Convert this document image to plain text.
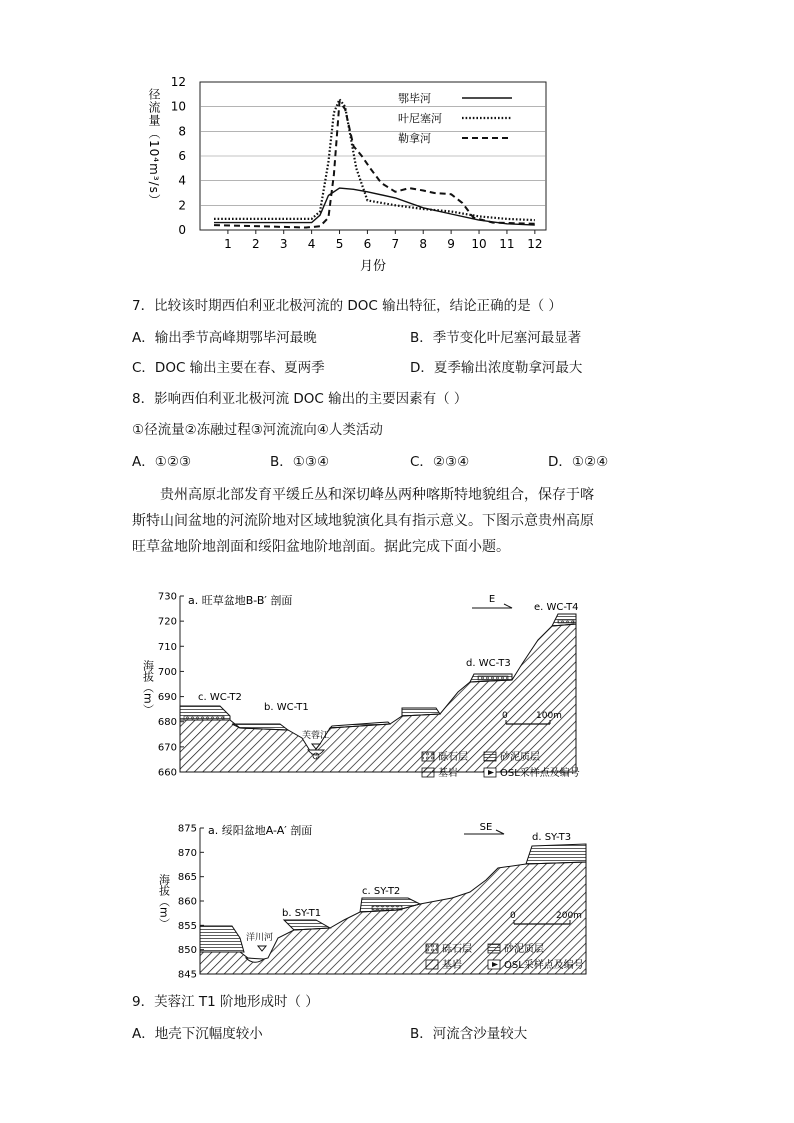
0
2
4
6
8
10
12
1 2 3 4 5 6 7 8 9 10 11 12
鄂毕河
叶尼塞河
勒拿河
径流量（10⁴m³/s）
月份
7．比较该时期西伯利亚北极河流的 DOC 输出特征，结论正确的是（ ）
A．输出季节高峰期鄂毕河最晚	B．季节变化叶尼塞河最显著
C．DOC 输出主要在春、夏两季	D．夏季输出浓度勒拿河最大
8．影响西伯利亚北极河流 DOC 输出的主要因素有（ ）
①径流量②冻融过程③河流流向④人类活动
A．①②③	B．①③④	C．②③④	D．①②④
贵州高原北部发育平缓丘丛和深切峰丛两种喀斯特地貌组合，保存于喀斯特山间盆地的河流阶地对区域地貌演化具有指示意义。下图示意贵州高原旺草盆地阶地剖面和绥阳盆地阶地剖面。据此完成下面小题。
730
720
710
700
690
680
670
660
海拔（m）
a. 旺草盆地B-B′ 剖面
芙蓉江
c. WC-T2
b. WC-T1
d. WC-T3
e. WC-T4
E
0	100m
砾石层	砂泥质层
基岩	OSL采样点及编号
875
870
865
860
855
850
845
海拔（m）
a. 绥阳盆地A-A′ 剖面
洋川河
b. SY-T1
c. SY-T2
d. SY-T3
SE
0	200m
砾石层	砂泥质层
基岩	OSL采样点及编号
9．芙蓉江 T1 阶地形成时（ ）
A．地壳下沉幅度较小	B．河流含沙量较大
